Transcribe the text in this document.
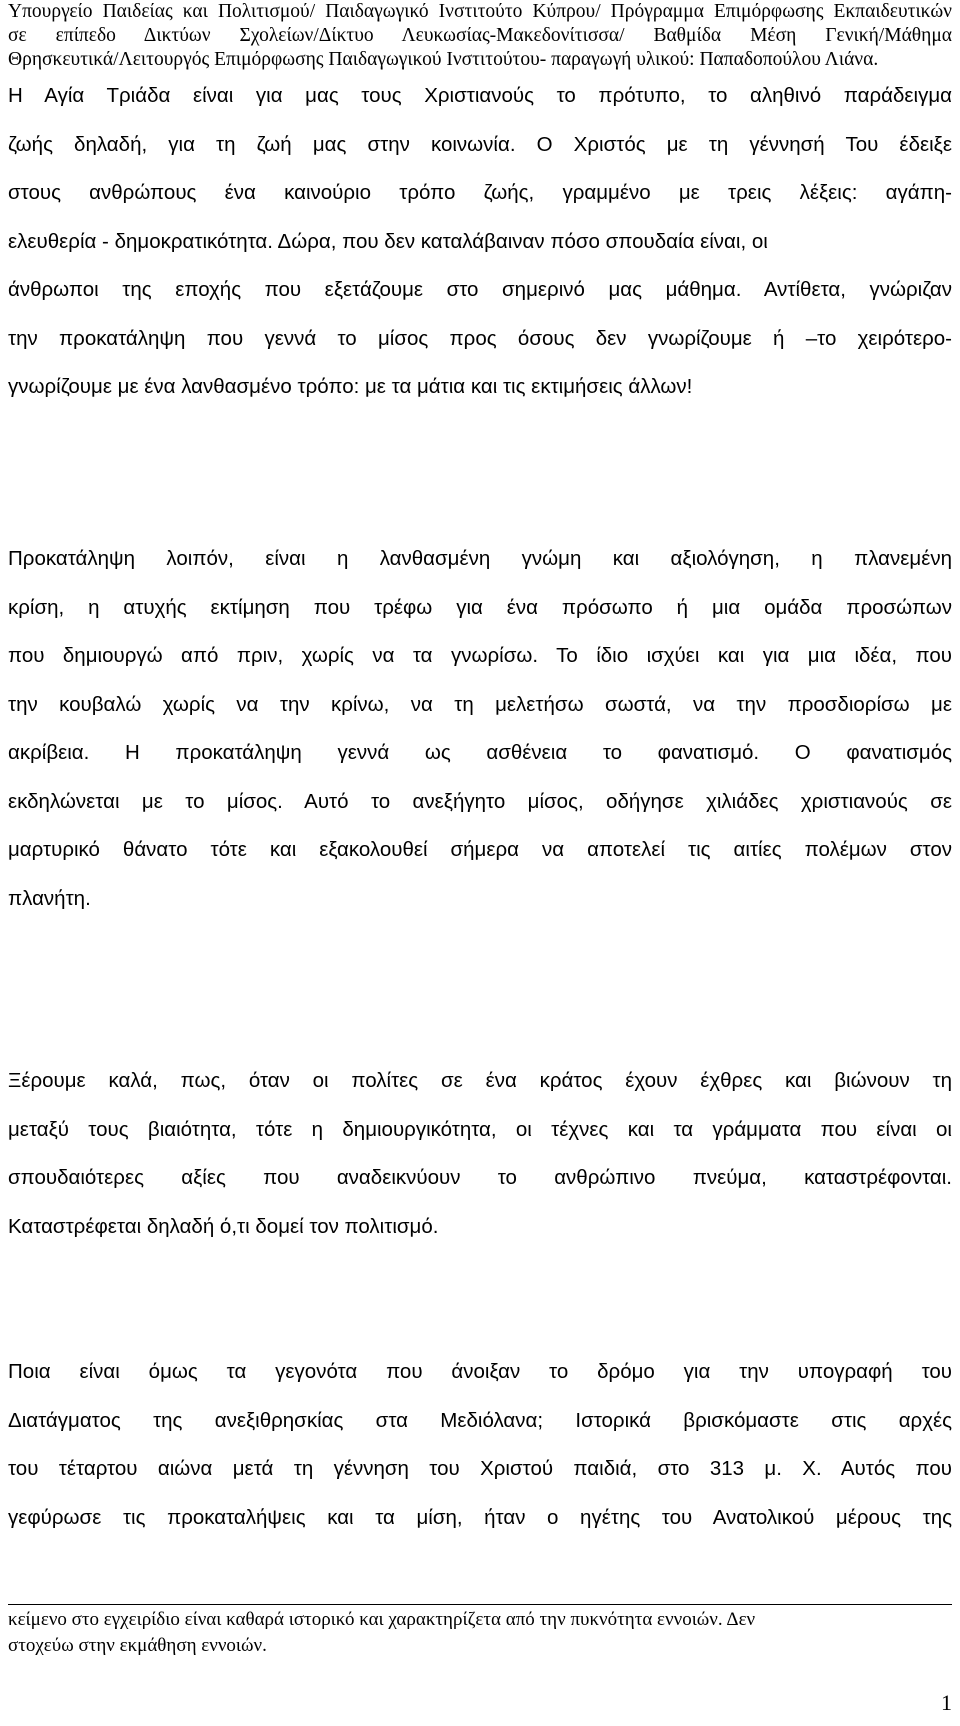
Υπουργείο Παιδείας και Πολιτισμού/ Παιδαγωγικό Ινστιτούτο Κύπρου/ Πρόγραμμα Επιμόρφωσης Εκπαιδευτικών
σε επίπεδο Δικτύων Σχολείων/Δίκτυο Λευκωσίας-Μακεδονίτισσα/ Βαθμίδα Μέση Γενική/Μάθημα
Θρησκευτικά/Λειτουργός Επιμόρφωσης Παιδαγωγικού Ινστιτούτου- παραγωγή υλικού: Παπαδοπούλου Λιάνα.
Η Αγία Τριάδα είναι για μας τους Χριστιανούς το πρότυπο, το αληθινό παράδειγμα
ζωής δηλαδή, για τη ζωή μας στην κοινωνία. Ο Χριστός με τη γέννησή Του έδειξε
στους ανθρώπους ένα καινούριο τρόπο ζωής, γραμμένο με τρεις λέξεις: αγάπη-
ελευθερία - δημοκρατικότητα. Δώρα, που δεν καταλάβαιναν πόσο σπουδαία είναι, οι
άνθρωποι της εποχής που εξετάζουμε στο σημερινό μας μάθημα. Αντίθετα, γνώριζαν
την προκατάληψη που γεννά το μίσος προς όσους δεν γνωρίζουμε ή –το χειρότερο-
γνωρίζουμε με ένα λανθασμένο τρόπο: με τα μάτια και τις εκτιμήσεις άλλων!
Προκατάληψη λοιπόν, είναι η λανθασμένη γνώμη και αξιολόγηση, η πλανεμένη
κρίση, η ατυχής εκτίμηση που τρέφω για ένα πρόσωπο ή μια ομάδα προσώπων
που δημιουργώ από πριν, χωρίς να τα γνωρίσω. Το ίδιο ισχύει και για μια ιδέα, που
την κουβαλώ χωρίς να την κρίνω, να τη μελετήσω σωστά, να την προσδιορίσω με
ακρίβεια. Η προκατάληψη γεννά ως ασθένεια το φανατισμό. Ο φανατισμός
εκδηλώνεται με το μίσος. Αυτό το ανεξήγητο μίσος, οδήγησε χιλιάδες χριστιανούς σε
μαρτυρικό θάνατο τότε και εξακολουθεί σήμερα να αποτελεί τις αιτίες πολέμων στον
πλανήτη.
Ξέρουμε καλά, πως, όταν οι πολίτες σε ένα κράτος έχουν έχθρες και βιώνουν τη
μεταξύ τους βιαιότητα, τότε η δημιουργικότητα, οι τέχνες και τα γράμματα που είναι οι
σπουδαιότερες αξίες που αναδεικνύουν το ανθρώπινο πνεύμα, καταστρέφονται.
Καταστρέφεται δηλαδή ό,τι δομεί τον πολιτισμό.
Ποια είναι όμως τα γεγονότα που άνοιξαν το δρόμο για την υπογραφή του
Διατάγματος της ανεξιθρησκίας στα Μεδιόλανα; Ιστορικά βρισκόμαστε στις αρχές
του τέταρτου αιώνα μετά τη γέννηση του Χριστού παιδιά, στο 313 μ. Χ. Αυτός που
γεφύρωσε τις προκαταλήψεις και τα μίση, ήταν ο ηγέτης του Ανατολικού μέρους της
κείμενο στο εγχειρίδιο είναι καθαρά ιστορικό και χαρακτηρίζετα από την πυκνότητα εννοιών. Δεν
στοχεύω στην εκμάθηση εννοιών.
1
